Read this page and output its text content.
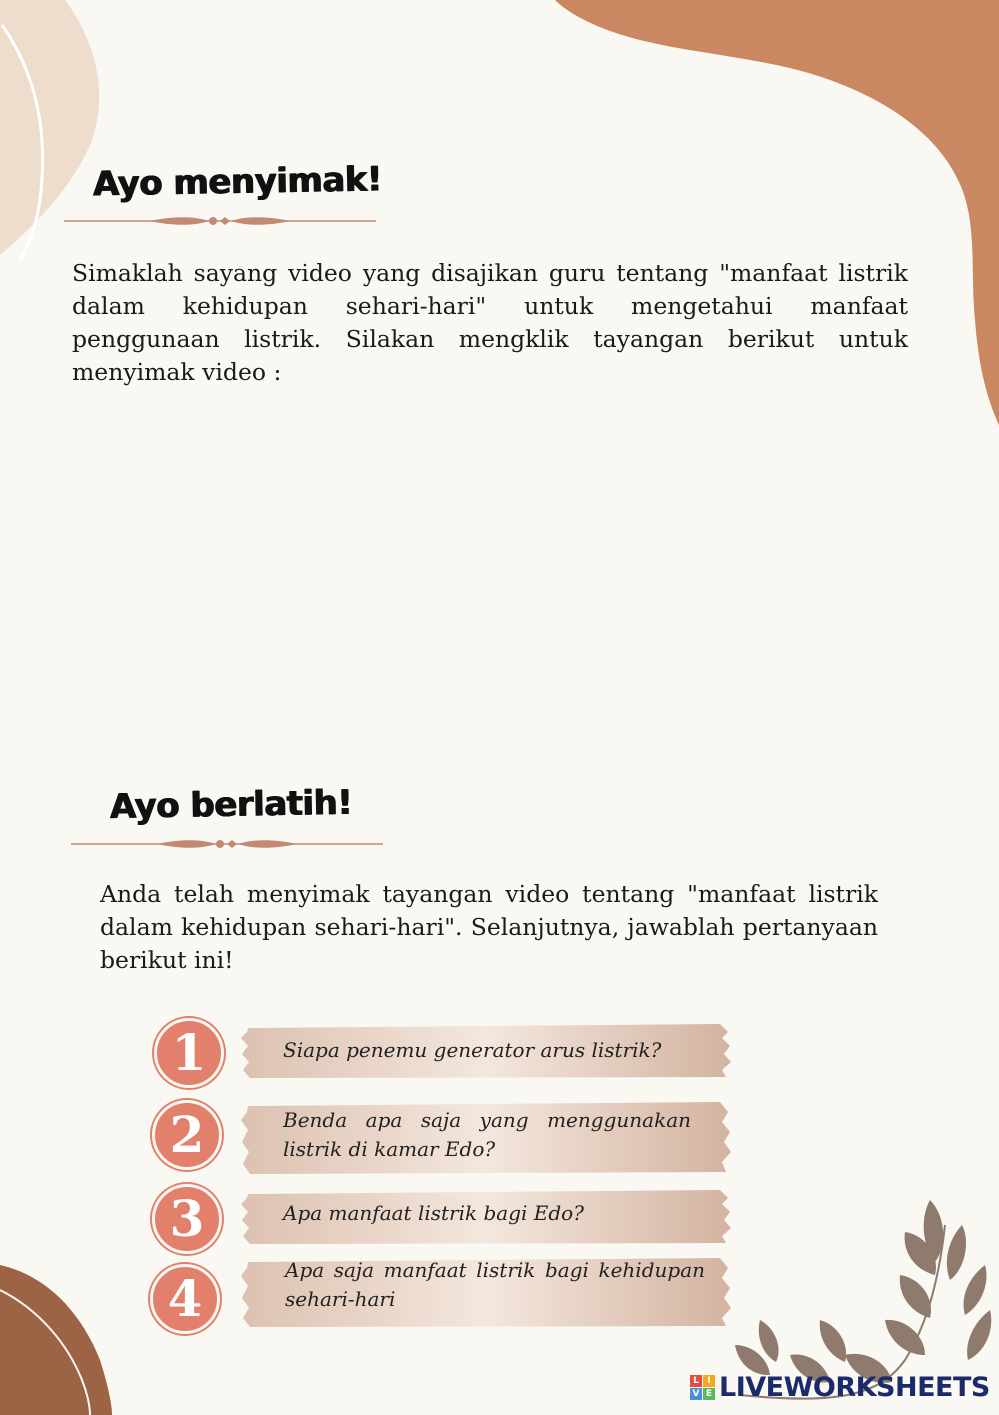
Ayo menyimak!

Simaklah sayang video yang disajikan guru tentang "manfaat listrik dalam kehidupan sehari-hari" untuk mengetahui manfaat penggunaan listrik. Silakan mengklik tayangan berikut untuk menyimak video :

Ayo berlatih!

Anda telah menyimak tayangan video tentang "manfaat listrik dalam kehidupan sehari-hari". Selanjutnya, jawablah pertanyaan berikut ini!

1	Siapa penemu generator arus listrik?

2	Benda apa saja yang menggunakan listrik di kamar Edo?

3	Apa manfaat listrik bagi Edo?

4	Apa saja manfaat listrik bagi kehidupan sehari-hari

L I
V E LIVEWORKSHEETS
